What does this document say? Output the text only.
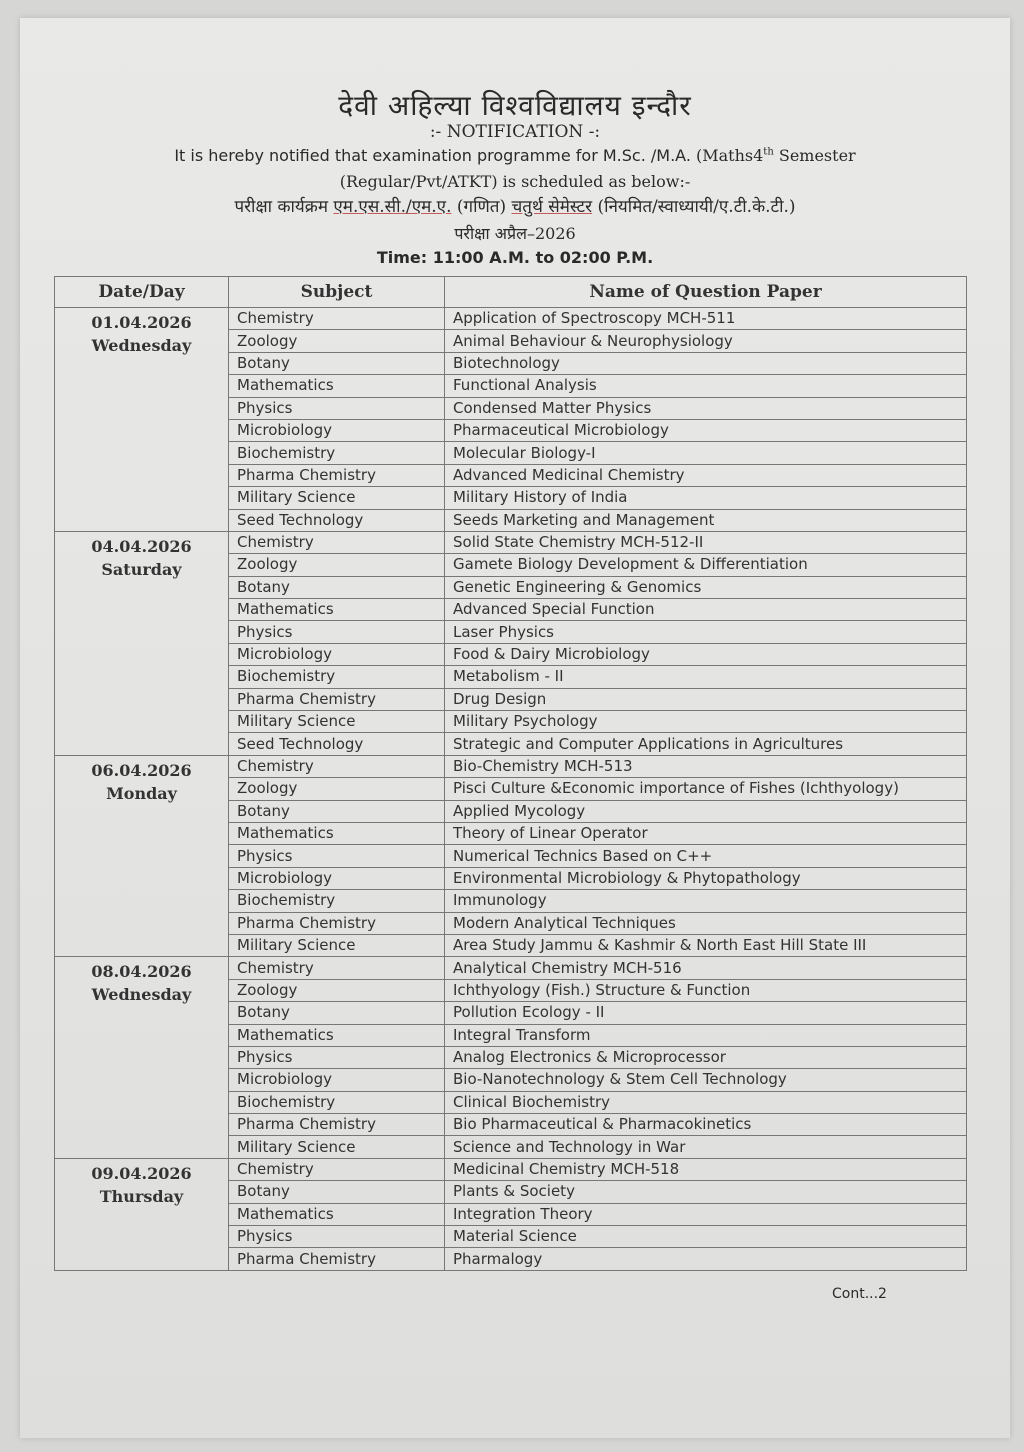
देवी अहिल्या विश्वविद्यालय इन्दौर
:- NOTIFICATION -:
It is hereby notified that examination programme for M.Sc. /M.A. (Maths4th Semester
(Regular/Pvt/ATKT) is scheduled as below:-
परीक्षा कार्यक्रम एम.एस.सी./एम.ए. (गणित) चतुर्थ सेमेस्टर (नियमित/स्वाध्यायी/ए.टी.के.टी.)
परीक्षा अप्रैल–2026
Time: 11:00 A.M. to 02:00 P.M.
Date/Day	Subject	Name of Question Paper

01.04.2026
Wednesday	Chemistry	Application of Spectroscopy MCH-511
	Zoology	Animal Behaviour & Neurophysiology
	Botany	Biotechnology
	Mathematics	Functional Analysis
	Physics	Condensed Matter Physics
	Microbiology	Pharmaceutical Microbiology
	Biochemistry	Molecular Biology-I
	Pharma Chemistry	Advanced Medicinal Chemistry
	Military Science	Military History of India
	Seed Technology	Seeds Marketing and Management

04.04.2026
Saturday	Chemistry	Solid State Chemistry MCH-512-II
	Zoology	Gamete Biology Development & Differentiation
	Botany	Genetic Engineering & Genomics
	Mathematics	Advanced Special Function
	Physics	Laser Physics
	Microbiology	Food & Dairy Microbiology
	Biochemistry	Metabolism - II
	Pharma Chemistry	Drug Design
	Military Science	Military Psychology
	Seed Technology	Strategic and Computer Applications in Agricultures

06.04.2026
Monday	Chemistry	Bio-Chemistry MCH-513
	Zoology	Pisci Culture &Economic importance of Fishes (Ichthyology)
	Botany	Applied Mycology
	Mathematics	Theory of Linear Operator
	Physics	Numerical Technics Based on C++
	Microbiology	Environmental Microbiology & Phytopathology
	Biochemistry	Immunology
	Pharma Chemistry	Modern Analytical Techniques
	Military Science	Area Study Jammu & Kashmir & North East Hill State III

08.04.2026
Wednesday	Chemistry	Analytical Chemistry MCH-516
	Zoology	Ichthyology (Fish.) Structure & Function
	Botany	Pollution Ecology - II
	Mathematics	Integral Transform
	Physics	Analog Electronics & Microprocessor
	Microbiology	Bio-Nanotechnology & Stem Cell Technology
	Biochemistry	Clinical Biochemistry
	Pharma Chemistry	Bio Pharmaceutical & Pharmacokinetics
	Military Science	Science and Technology in War

09.04.2026
Thursday	Chemistry	Medicinal Chemistry MCH-518
	Botany	Plants & Society
	Mathematics	Integration Theory
	Physics	Material Science
	Pharma Chemistry	Pharmalogy
Cont...2
